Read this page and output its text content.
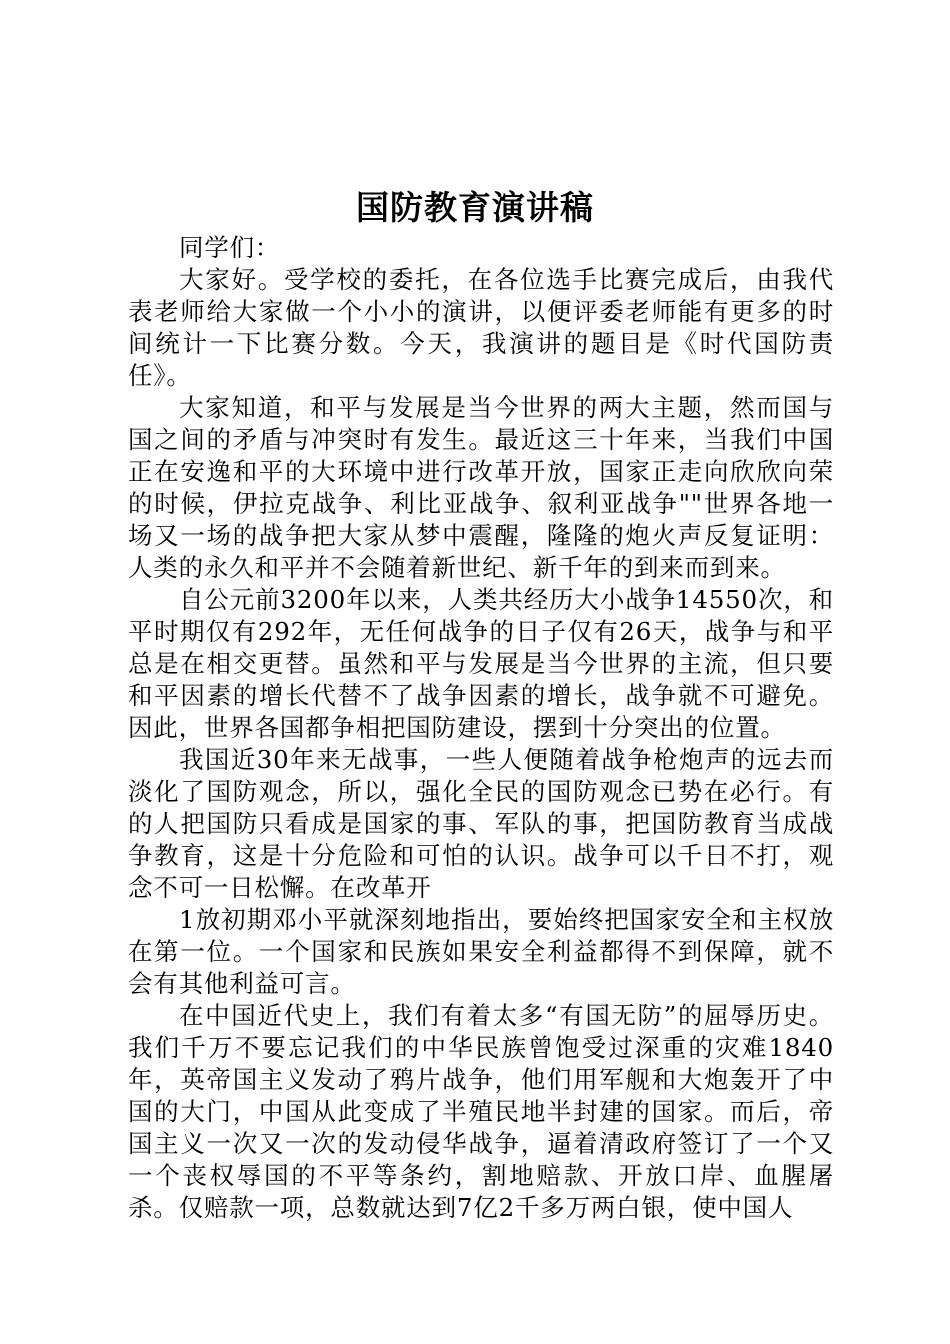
国防教育演讲稿

同学们：

大家好。受学校的委托，在各位选手比赛完成后，由我代表老师给大家做一个小小的演讲，以便评委老师能有更多的时间统计一下比赛分数。今天，我演讲的题目是《时代国防责任》。

大家知道，和平与发展是当今世界的两大主题，然而国与国之间的矛盾与冲突时有发生。最近这三十年来，当我们中国正在安逸和平的大环境中进行改革开放，国家正走向欣欣向荣的时候，伊拉克战争、利比亚战争、叙利亚战争""世界各地一场又一场的战争把大家从梦中震醒，隆隆的炮火声反复证明：人类的永久和平并不会随着新世纪、新千年的到来而到来。

自公元前3200年以来，人类共经历大小战争14550次，和平时期仅有292年，无任何战争的日子仅有26天，战争与和平总是在相交更替。虽然和平与发展是当今世界的主流，但只要和平因素的增长代替不了战争因素的增长，战争就不可避免。因此，世界各国都争相把国防建设，摆到十分突出的位置。

我国近30年来无战事，一些人便随着战争枪炮声的远去而淡化了国防观念，所以，强化全民的国防观念已势在必行。有的人把国防只看成是国家的事、军队的事，把国防教育当成战争教育，这是十分危险和可怕的认识。战争可以千日不打，观念不可一日松懈。在改革开

1放初期邓小平就深刻地指出，要始终把国家安全和主权放在第一位。一个国家和民族如果安全利益都得不到保障，就不会有其他利益可言。

在中国近代史上，我们有着太多“有国无防”的屈辱历史。我们千万不要忘记我们的中华民族曾饱受过深重的灾难1840年，英帝国主义发动了鸦片战争，他们用军舰和大炮轰开了中国的大门，中国从此变成了半殖民地半封建的国家。而后，帝国主义一次又一次的发动侵华战争，逼着清政府签订了一个又一个丧权辱国的不平等条约，割地赔款、开放口岸、血腥屠杀。仅赔款一项，总数就达到7亿2千多万两白银，使中国人
